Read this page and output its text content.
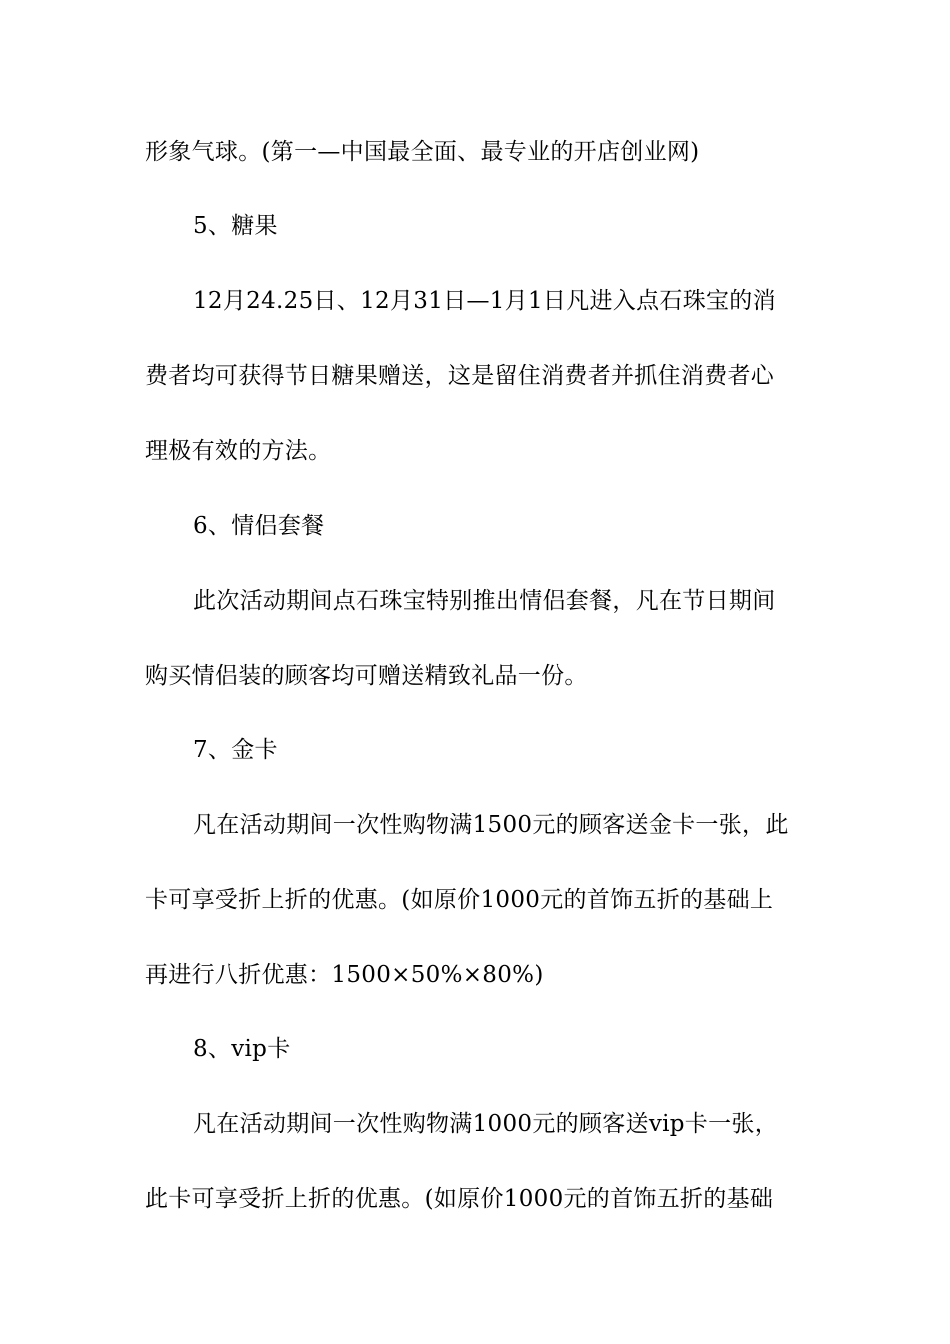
形象气球。(第一—中国最全面、最专业的开店创业网)
5、糖果
12月24.25日、12月31日—1月1日凡进入点石珠宝的消
费者均可获得节日糖果赠送，这是留住消费者并抓住消费者心
理极有效的方法。
6、情侣套餐
此次活动期间点石珠宝特别推出情侣套餐，凡在节日期间
购买情侣装的顾客均可赠送精致礼品一份。
7、金卡
凡在活动期间一次性购物满1500元的顾客送金卡一张，此
卡可享受折上折的优惠。(如原价1000元的首饰五折的基础上
再进行八折优惠：1500×50%×80%)
8、vip卡
凡在活动期间一次性购物满1000元的顾客送vip卡一张，
此卡可享受折上折的优惠。(如原价1000元的首饰五折的基础
